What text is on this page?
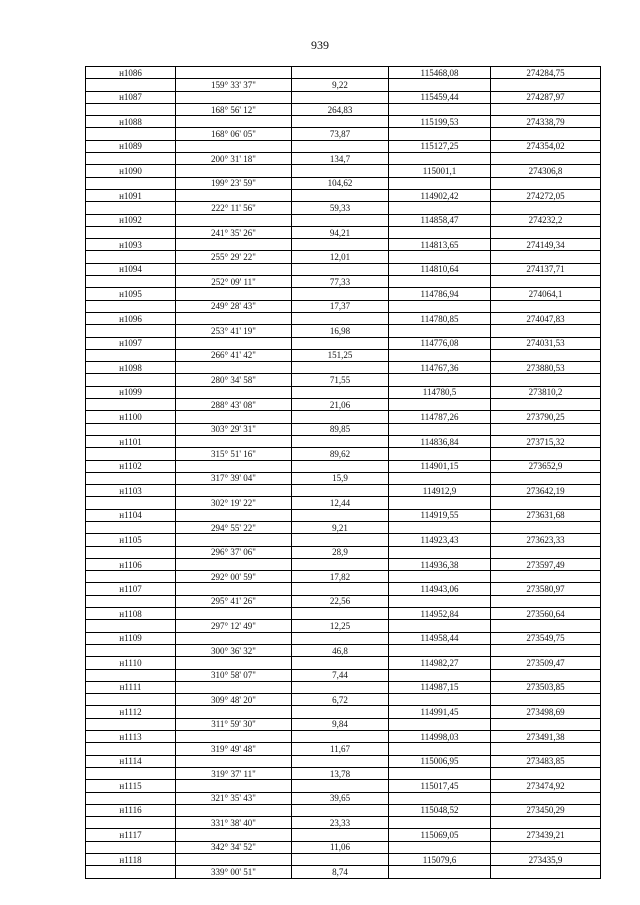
939
н1086			115468,08	274284,75
	159° 33' 37"	9,22		
н1087			115459,44	274287,97
	168° 56' 12"	264,83		
н1088			115199,53	274338,79
	168° 06' 05"	73,87		
н1089			115127,25	274354,02
	200° 31' 18"	134,7		
н1090			115001,1	274306,8
	199° 23' 59"	104,62		
н1091			114902,42	274272,05
	222° 11' 56"	59,33		
н1092			114858,47	274232,2
	241° 35' 26"	94,21		
н1093			114813,65	274149,34
	255° 29' 22"	12,01		
н1094			114810,64	274137,71
	252° 09' 11"	77,33		
н1095			114786,94	274064,1
	249° 28' 43"	17,37		
н1096			114780,85	274047,83
	253° 41' 19"	16,98		
н1097			114776,08	274031,53
	266° 41' 42"	151,25		
н1098			114767,36	273880,53
	280° 34' 58"	71,55		
н1099			114780,5	273810,2
	288° 43' 08"	21,06		
н1100			114787,26	273790,25
	303° 29' 31"	89,85		
н1101			114836,84	273715,32
	315° 51' 16"	89,62		
н1102			114901,15	273652,9
	317° 39' 04"	15,9		
н1103			114912,9	273642,19
	302° 19' 22"	12,44		
н1104			114919,55	273631,68
	294° 55' 22"	9,21		
н1105			114923,43	273623,33
	296° 37' 06"	28,9		
н1106			114936,38	273597,49
	292° 00' 59"	17,82		
н1107			114943,06	273580,97
	295° 41' 26"	22,56		
н1108			114952,84	273560,64
	297° 12' 49"	12,25		
н1109			114958,44	273549,75
	300° 36' 32"	46,8		
н1110			114982,27	273509,47
	310° 58' 07"	7,44		
н1111			114987,15	273503,85
	309° 48' 20"	6,72		
н1112			114991,45	273498,69
	311° 59' 30"	9,84		
н1113			114998,03	273491,38
	319° 49' 48"	11,67		
н1114			115006,95	273483,85
	319° 37' 11"	13,78		
н1115			115017,45	273474,92
	321° 35' 43"	39,65		
н1116			115048,52	273450,29
	331° 38' 40"	23,33		
н1117			115069,05	273439,21
	342° 34' 52"	11,06		
н1118			115079,6	273435,9
	339° 00' 51"	8,74		
